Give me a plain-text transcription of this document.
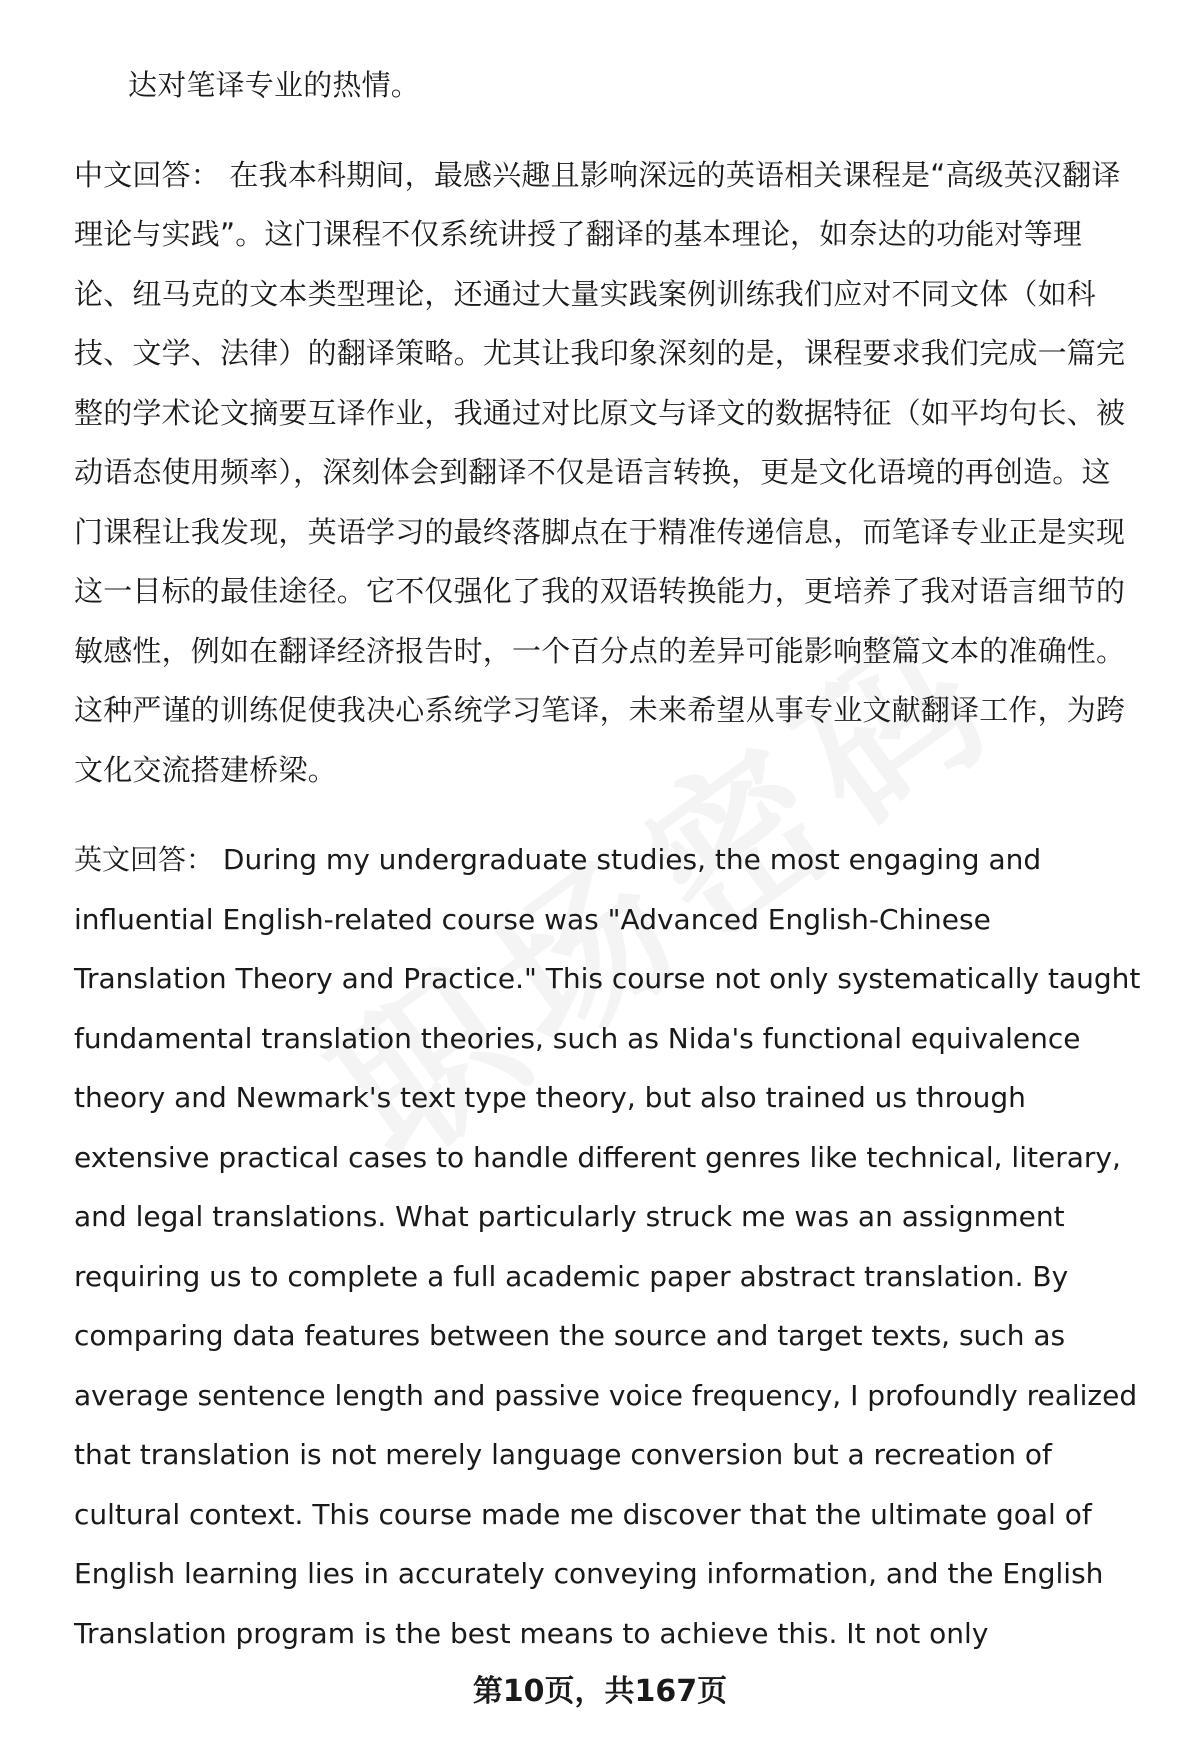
达对笔译专业的热情。
中文回答： 在我本科期间，最感兴趣且影响深远的英语相关课程是“高级英汉翻译
理论与实践”。这门课程不仅系统讲授了翻译的基本理论，如奈达的功能对等理
论、纽马克的文本类型理论，还通过大量实践案例训练我们应对不同文体（如科
技、文学、法律）的翻译策略。尤其让我印象深刻的是，课程要求我们完成一篇完
整的学术论文摘要互译作业，我通过对比原文与译文的数据特征（如平均句长、被
动语态使用频率），深刻体会到翻译不仅是语言转换，更是文化语境的再创造。这
门课程让我发现，英语学习的最终落脚点在于精准传递信息，而笔译专业正是实现
这一目标的最佳途径。它不仅强化了我的双语转换能力，更培养了我对语言细节的
敏感性，例如在翻译经济报告时，一个百分点的差异可能影响整篇文本的准确性。
这种严谨的训练促使我决心系统学习笔译，未来希望从事专业文献翻译工作，为跨
文化交流搭建桥梁。
英文回答： During my undergraduate studies, the most engaging and
influential English-related course was "Advanced English-Chinese
Translation Theory and Practice." This course not only systematically taught
fundamental translation theories, such as Nida's functional equivalence
theory and Newmark's text type theory, but also trained us through
extensive practical cases to handle different genres like technical, literary,
and legal translations. What particularly struck me was an assignment
requiring us to complete a full academic paper abstract translation. By
comparing data features between the source and target texts, such as
average sentence length and passive voice frequency, I profoundly realized
that translation is not merely language conversion but a recreation of
cultural context. This course made me discover that the ultimate goal of
English learning lies in accurately conveying information, and the English
Translation program is the best means to achieve this. It not only
第10页，共167页
